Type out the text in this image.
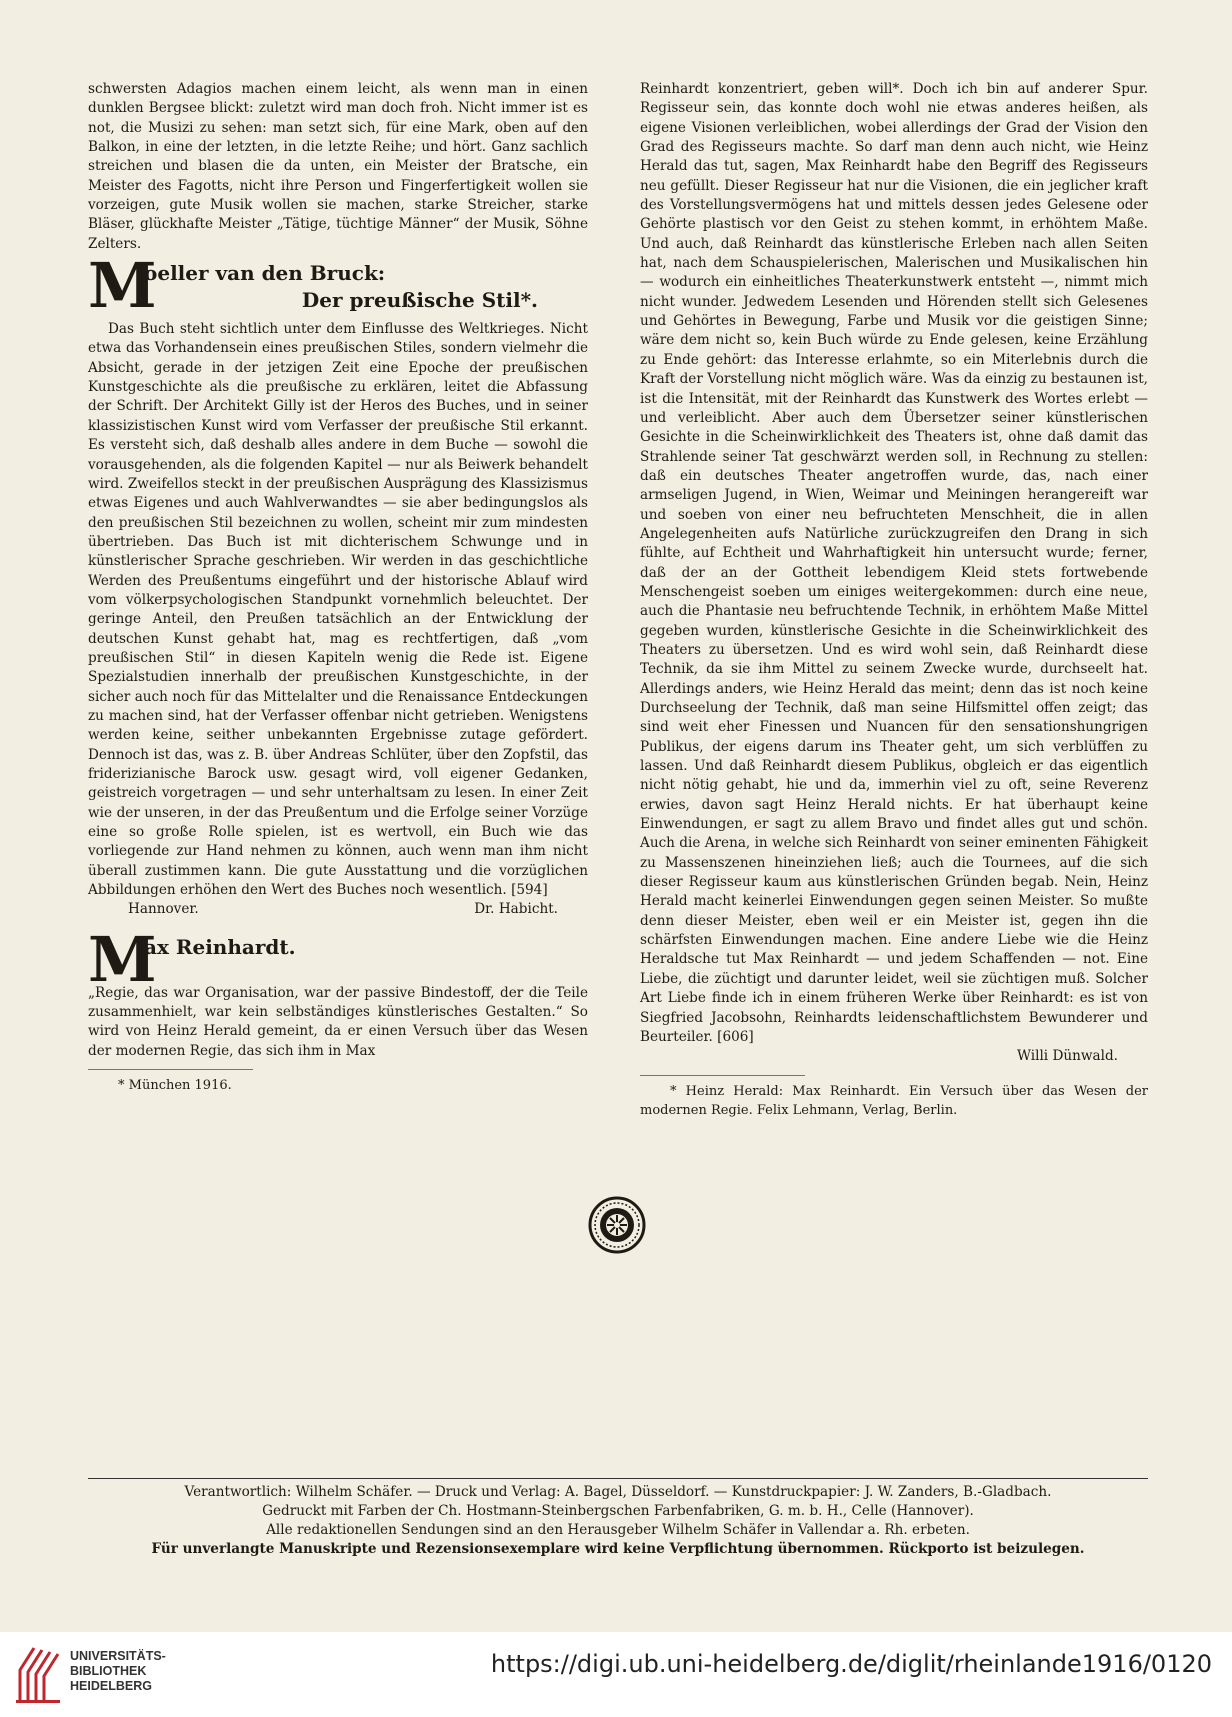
schwersten Adagios machen einem leicht, als wenn man in einen dunklen Bergsee blickt: zuletzt wird man doch froh. Nicht immer ist es not, die Musizi zu sehen: man setzt sich, für eine Mark, oben auf den Balkon, in eine der letzten, in die letzte Reihe; und hört. Ganz sachlich streichen und blasen die da unten, ein Meister der Bratsche, ein Meister des Fagotts, nicht ihre Person und Fingerfertigkeit wollen sie vorzeigen, gute Musik wollen sie machen, starke Streicher, starke Bläser, glückhafte Meister „Tätige, tüchtige Männer“ der Musik, Söhne Zelters.

M
oeller van den Bruck:
Der preußische Stil*.

Das Buch steht sichtlich unter dem Einflusse des Weltkrieges. Nicht etwa das Vorhandensein eines preußischen Stiles, sondern vielmehr die Absicht, gerade in der jetzigen Zeit eine Epoche der preußischen Kunstgeschichte als die preußische zu erklären, leitet die Abfassung der Schrift. Der Architekt Gilly ist der Heros des Buches, und in seiner klassizistischen Kunst wird vom Verfasser der preußische Stil erkannt. Es versteht sich, daß deshalb alles andere in dem Buche — sowohl die vorausgehenden, als die folgenden Kapitel — nur als Beiwerk behandelt wird. Zweifellos steckt in der preußischen Ausprägung des Klassizismus etwas Eigenes und auch Wahlverwandtes — sie aber bedingungslos als den preußischen Stil bezeichnen zu wollen, scheint mir zum mindesten übertrieben. Das Buch ist mit dichterischem Schwunge und in künstlerischer Sprache geschrieben. Wir werden in das geschichtliche Werden des Preußentums eingeführt und der historische Ablauf wird vom völkerpsychologischen Standpunkt vornehmlich beleuchtet. Der geringe Anteil, den Preußen tatsächlich an der Entwicklung der deutschen Kunst gehabt hat, mag es rechtfertigen, daß „vom preußischen Stil“ in diesen Kapiteln wenig die Rede ist. Eigene Spezialstudien innerhalb der preußischen Kunstgeschichte, in der sicher auch noch für das Mittelalter und die Renaissance Entdeckungen zu machen sind, hat der Verfasser offenbar nicht getrieben. Wenigstens werden keine, seither unbekannten Ergebnisse zutage gefördert. Dennoch ist das, was z. B. über Andreas Schlüter, über den Zopfstil, das friderizianische Barock usw. gesagt wird, voll eigener Gedanken, geistreich vorgetragen — und sehr unterhaltsam zu lesen. In einer Zeit wie der unseren, in der das Preußentum und die Erfolge seiner Vorzüge eine so große Rolle spielen, ist es wertvoll, ein Buch wie das vorliegende zur Hand nehmen zu können, auch wenn man ihm nicht überall zustimmen kann. Die gute Ausstattung und die vorzüglichen Abbildungen erhöhen den Wert des Buches noch wesentlich. [594]

Hannover.	Dr. Habicht.
M
ax Reinhardt.

„Regie, das war Organisation, war der passive Bindestoff, der die Teile zusammenhielt, war kein selbständiges künstlerisches Gestalten.“ So wird von Heinz Herald gemeint, da er einen Versuch über das Wesen der modernen Regie, das sich ihm in Max

* München 1916.

Reinhardt konzentriert, geben will*. Doch ich bin auf anderer Spur. Regisseur sein, das konnte doch wohl nie etwas anderes heißen, als eigene Visionen verleiblichen, wobei allerdings der Grad der Vision den Grad des Regisseurs machte. So darf man denn auch nicht, wie Heinz Herald das tut, sagen, Max Reinhardt habe den Begriff des Regisseurs neu gefüllt. Dieser Regisseur hat nur die Visionen, die ein jeglicher kraft des Vorstellungsvermögens hat und mittels dessen jedes Gelesene oder Gehörte plastisch vor den Geist zu stehen kommt, in erhöhtem Maße. Und auch, daß Reinhardt das künstlerische Erleben nach allen Seiten hat, nach dem Schauspielerischen, Malerischen und Musikalischen hin — wodurch ein einheitliches Theaterkunstwerk entsteht —, nimmt mich nicht wunder. Jedwedem Lesenden und Hörenden stellt sich Gelesenes und Gehörtes in Bewegung, Farbe und Musik vor die geistigen Sinne; wäre dem nicht so, kein Buch würde zu Ende gelesen, keine Erzählung zu Ende gehört: das Interesse erlahmte, so ein Miterlebnis durch die Kraft der Vorstellung nicht möglich wäre. Was da einzig zu bestaunen ist, ist die Intensität, mit der Reinhardt das Kunstwerk des Wortes erlebt — und verleiblicht. Aber auch dem Übersetzer seiner künstlerischen Gesichte in die Scheinwirklichkeit des Theaters ist, ohne daß damit das Strahlende seiner Tat geschwärzt werden soll, in Rechnung zu stellen: daß ein deutsches Theater angetroffen wurde, das, nach einer armseligen Jugend, in Wien, Weimar und Meiningen herangereift war und soeben von einer neu befruchteten Menschheit, die in allen Angelegenheiten aufs Natürliche zurückzugreifen den Drang in sich fühlte, auf Echtheit und Wahrhaftigkeit hin untersucht wurde; ferner, daß der an der Gottheit lebendigem Kleid stets fortwebende Menschengeist soeben um einiges weitergekommen: durch eine neue, auch die Phantasie neu befruchtende Technik, in erhöhtem Maße Mittel gegeben wurden, künstlerische Gesichte in die Scheinwirklichkeit des Theaters zu übersetzen. Und es wird wohl sein, daß Reinhardt diese Technik, da sie ihm Mittel zu seinem Zwecke wurde, durchseelt hat. Allerdings anders, wie Heinz Herald das meint; denn das ist noch keine Durchseelung der Technik, daß man seine Hilfsmittel offen zeigt; das sind weit eher Finessen und Nuancen für den sensationshungrigen Publikus, der eigens darum ins Theater geht, um sich verblüffen zu lassen. Und daß Reinhardt diesem Publikus, obgleich er das eigentlich nicht nötig gehabt, hie und da, immerhin viel zu oft, seine Reverenz erwies, davon sagt Heinz Herald nichts. Er hat überhaupt keine Einwendungen, er sagt zu allem Bravo und findet alles gut und schön. Auch die Arena, in welche sich Reinhardt von seiner eminenten Fähigkeit zu Massenszenen hineinziehen ließ; auch die Tournees, auf die sich dieser Regisseur kaum aus künstlerischen Gründen begab. Nein, Heinz Herald macht keinerlei Einwendungen gegen seinen Meister. So mußte denn dieser Meister, eben weil er ein Meister ist, gegen ihn die schärfsten Einwendungen machen. Eine andere Liebe wie die Heinz Heraldsche tut Max Reinhardt — und jedem Schaffenden — not. Eine Liebe, die züchtigt und darunter leidet, weil sie züchtigen muß. Solcher Art Liebe finde ich in einem früheren Werke über Reinhardt: es ist von Siegfried Jacobsohn, Reinhardts leidenschaftlichstem Bewunderer und Beurteiler. [606]

Willi Dünwald.
* Heinz Herald: Max Reinhardt. Ein Versuch über das Wesen der modernen Regie. Felix Lehmann, Verlag, Berlin.
Verantwortlich: Wilhelm Schäfer. — Druck und Verlag: A. Bagel, Düsseldorf. — Kunstdruckpapier: J. W. Zanders, B.-Gladbach.
Gedruckt mit Farben der Ch. Hostmann-Steinbergschen Farbenfabriken, G. m. b. H., Celle (Hannover).
Alle redaktionellen Sendungen sind an den Herausgeber Wilhelm Schäfer in Vallendar a. Rh. erbeten.
Für unverlangte Manuskripte und Rezensionsexemplare wird keine Verpflichtung übernommen. Rückporto ist beizulegen.
UNIVERSITÄTS-
BIBLIOTHEK
HEIDELBERG
https://digi.ub.uni-heidelberg.de/diglit/rheinlande1916/0120
